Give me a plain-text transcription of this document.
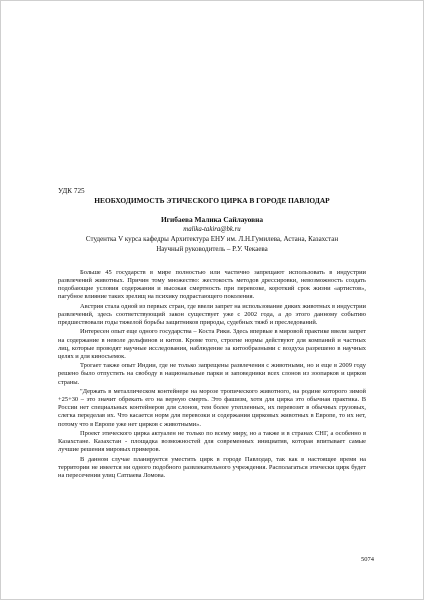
УДК 725
НЕОБХОДИМОСТЬ ЭТИЧЕСКОГО ЦИРКА В ГОРОДЕ ПАВЛОДАР
Игибаева Малика Сайлауовна
malika-takira@bk.ru
Студентка V курса кафедры Архитектура ЕНУ им. Л.Н.Гумилева, Астана, Казахстан
Научный руководитель – Р.У. Чекаева

Больше 45 государств в мире полностью или частично запрещают использовать в индустрии развлечений животных. Причин тому множество: жестокость методов дрессировки, невозможность создать подобающие условия содержания и высокая смертность при перевозке, короткий срок жизни «артистов», пагубное влияние таких зрелищ на психику подрастающего поколения.

Австрия стала одной из первых стран, где ввели запрет на использование диких животных в индустрии развлечений, здесь соответствующий закон существует уже с 2002 года, а до этого данному событию предшествовали годы тяжелой борьбы защитников природы, судебных тяжб и преследований.

Интересен опыт еще одного государства – Коста Рики. Здесь впервые в мировой практике ввели запрет на содержание в неволе дельфинов и китов. Кроме того, строгие нормы действуют для компаний и частных лиц, которые проводят научные исследования, наблюдение за китообразными с воздуха разрешено в научных целях и для киносъемок.

Трогает также опыт Индии, где не только запрещены развлечения с животными, но и еще в 2009 году решено было отпустить на свободу в национальные парки и заповедники всех слонов из зоопарков и цирков страны.

"Держать в металлическом контейнере на морозе тропического животного, на родине которого зимой +25+30 – это значит обрекать его на верную смерть. Это фашизм, хотя для цирка это обычная практика. В России нет специальных контейнеров для слонов, тем более утепленных, их перевозят в обычных грузовых, слегка переделав их. Что касается норм для перевозки и содержания цирковых животных в Европе, то их нет, потому что в Европе уже нет цирков с животными».

Проект этического цирка актуален не только по всему миру, но а также и в странах СНГ, а особенно в Казахстане. Казахстан - площадка возможностей для современных инициатив, которая впитывает самые лучшие решения мировых примеров.

В данном случае планируется уместить цирк в городе Павлодар, так как в настоящее время на территории не имеется ни одного подобного развлекательного учреждения. Располагаться этически цирк будет на пересечении улиц Сатпаева Ломова.

5074
